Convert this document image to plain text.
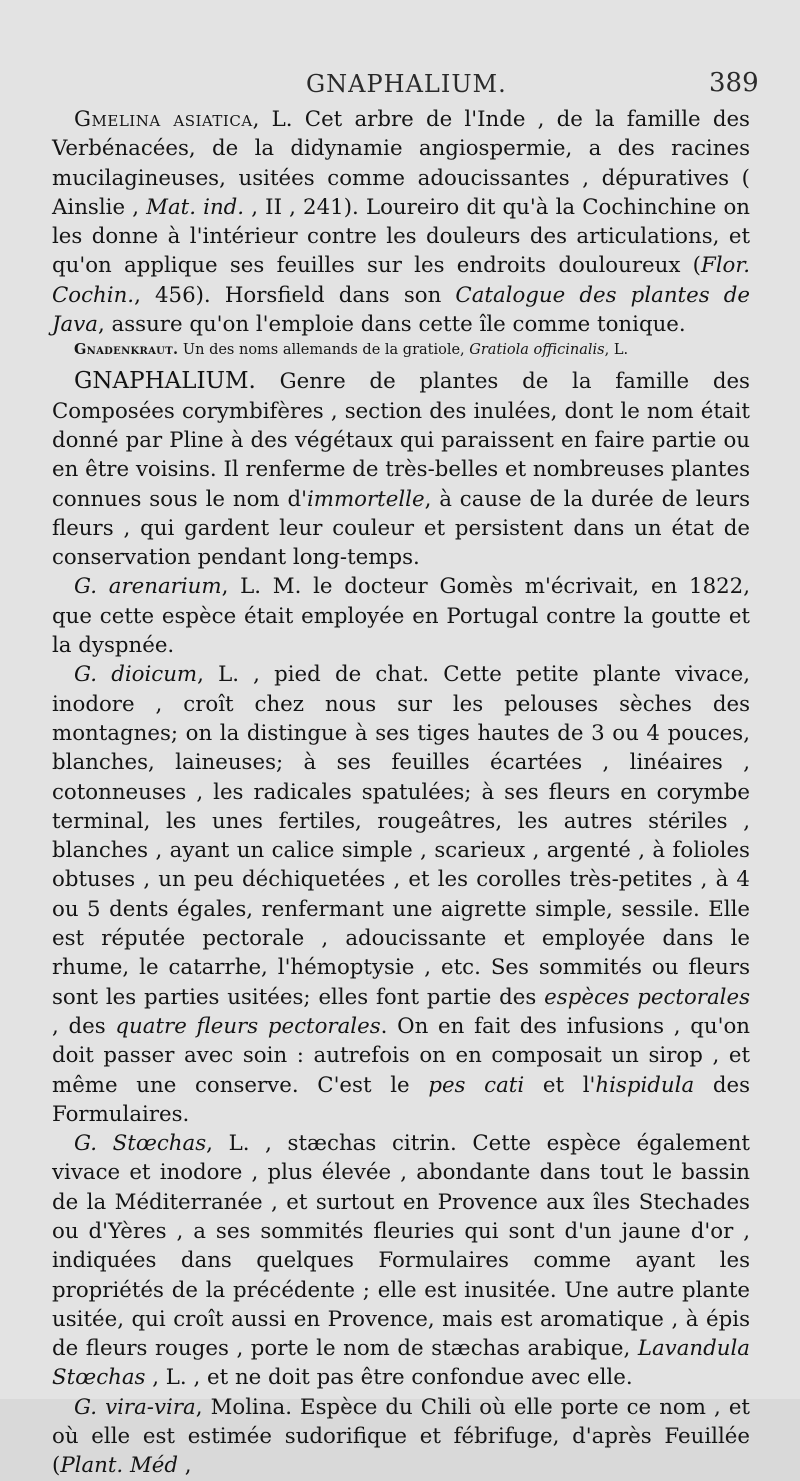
GNAPHALIUM.	389

Gmelina asiatica, L. Cet arbre de l'Inde , de la famille des Verbénacées, de la didynamie angiospermie, a des racines mucilagineuses, usitées comme adoucissantes , dépuratives ( Ainslie , Mat. ind. , II , 241). Loureiro dit qu'à la Cochinchine on les donne à l'intérieur contre les douleurs des articulations, et qu'on applique ses feuilles sur les endroits douloureux (Flor. Cochin., 456). Horsfield dans son Catalogue des plantes de Java, assure qu'on l'emploie dans cette île comme tonique.

Gnadenkraut. Un des noms allemands de la gratiole, Gratiola officinalis, L.

GNAPHALIUM. Genre de plantes de la famille des Composées corymbifères , section des inulées, dont le nom était donné par Pline à des végétaux qui paraissent en faire partie ou en être voisins. Il renferme de très-belles et nombreuses plantes connues sous le nom d'immortelle, à cause de la durée de leurs fleurs , qui gardent leur couleur et persistent dans un état de conservation pendant long-temps.

G. arenarium, L. M. le docteur Gomès m'écrivait, en 1822, que cette espèce était employée en Portugal contre la goutte et la dyspnée.

G. dioicum, L. , pied de chat. Cette petite plante vivace, inodore , croît chez nous sur les pelouses sèches des montagnes; on la distingue à ses tiges hautes de 3 ou 4 pouces, blanches, laineuses; à ses feuilles écartées , linéaires , cotonneuses , les radicales spatulées; à ses fleurs en corymbe terminal, les unes fertiles, rougeâtres, les autres stériles , blanches , ayant un calice simple , scarieux , argenté , à folioles obtuses , un peu déchiquetées , et les corolles très-petites , à 4 ou 5 dents égales, renfermant une aigrette simple, sessile. Elle est réputée pectorale , adoucissante et employée dans le rhume, le catarrhe, l'hémoptysie , etc. Ses sommités ou fleurs sont les parties usitées; elles font partie des espèces pectorales , des quatre fleurs pectorales. On en fait des infusions , qu'on doit passer avec soin : autrefois on en composait un sirop , et même une conserve. C'est le pes cati et l'hispidula des Formulaires.

G. Stœchas, L. , stæchas citrin. Cette espèce également vivace et inodore , plus élevée , abondante dans tout le bassin de la Méditerranée , et surtout en Provence aux îles Stechades ou d'Yères , a ses sommités fleuries qui sont d'un jaune d'or , indiquées dans quelques Formulaires comme ayant les propriétés de la précédente ; elle est inusitée. Une autre plante usitée, qui croît aussi en Provence, mais est aromatique , à épis de fleurs rouges , porte le nom de stæchas arabique, Lavandula Stœchas , L. , et ne doit pas être confondue avec elle.

G. vira-vira, Molina. Espèce du Chili où elle porte ce nom , et où elle est estimée sudorifique et fébrifuge, d'après Feuillée (Plant. Méd ,
